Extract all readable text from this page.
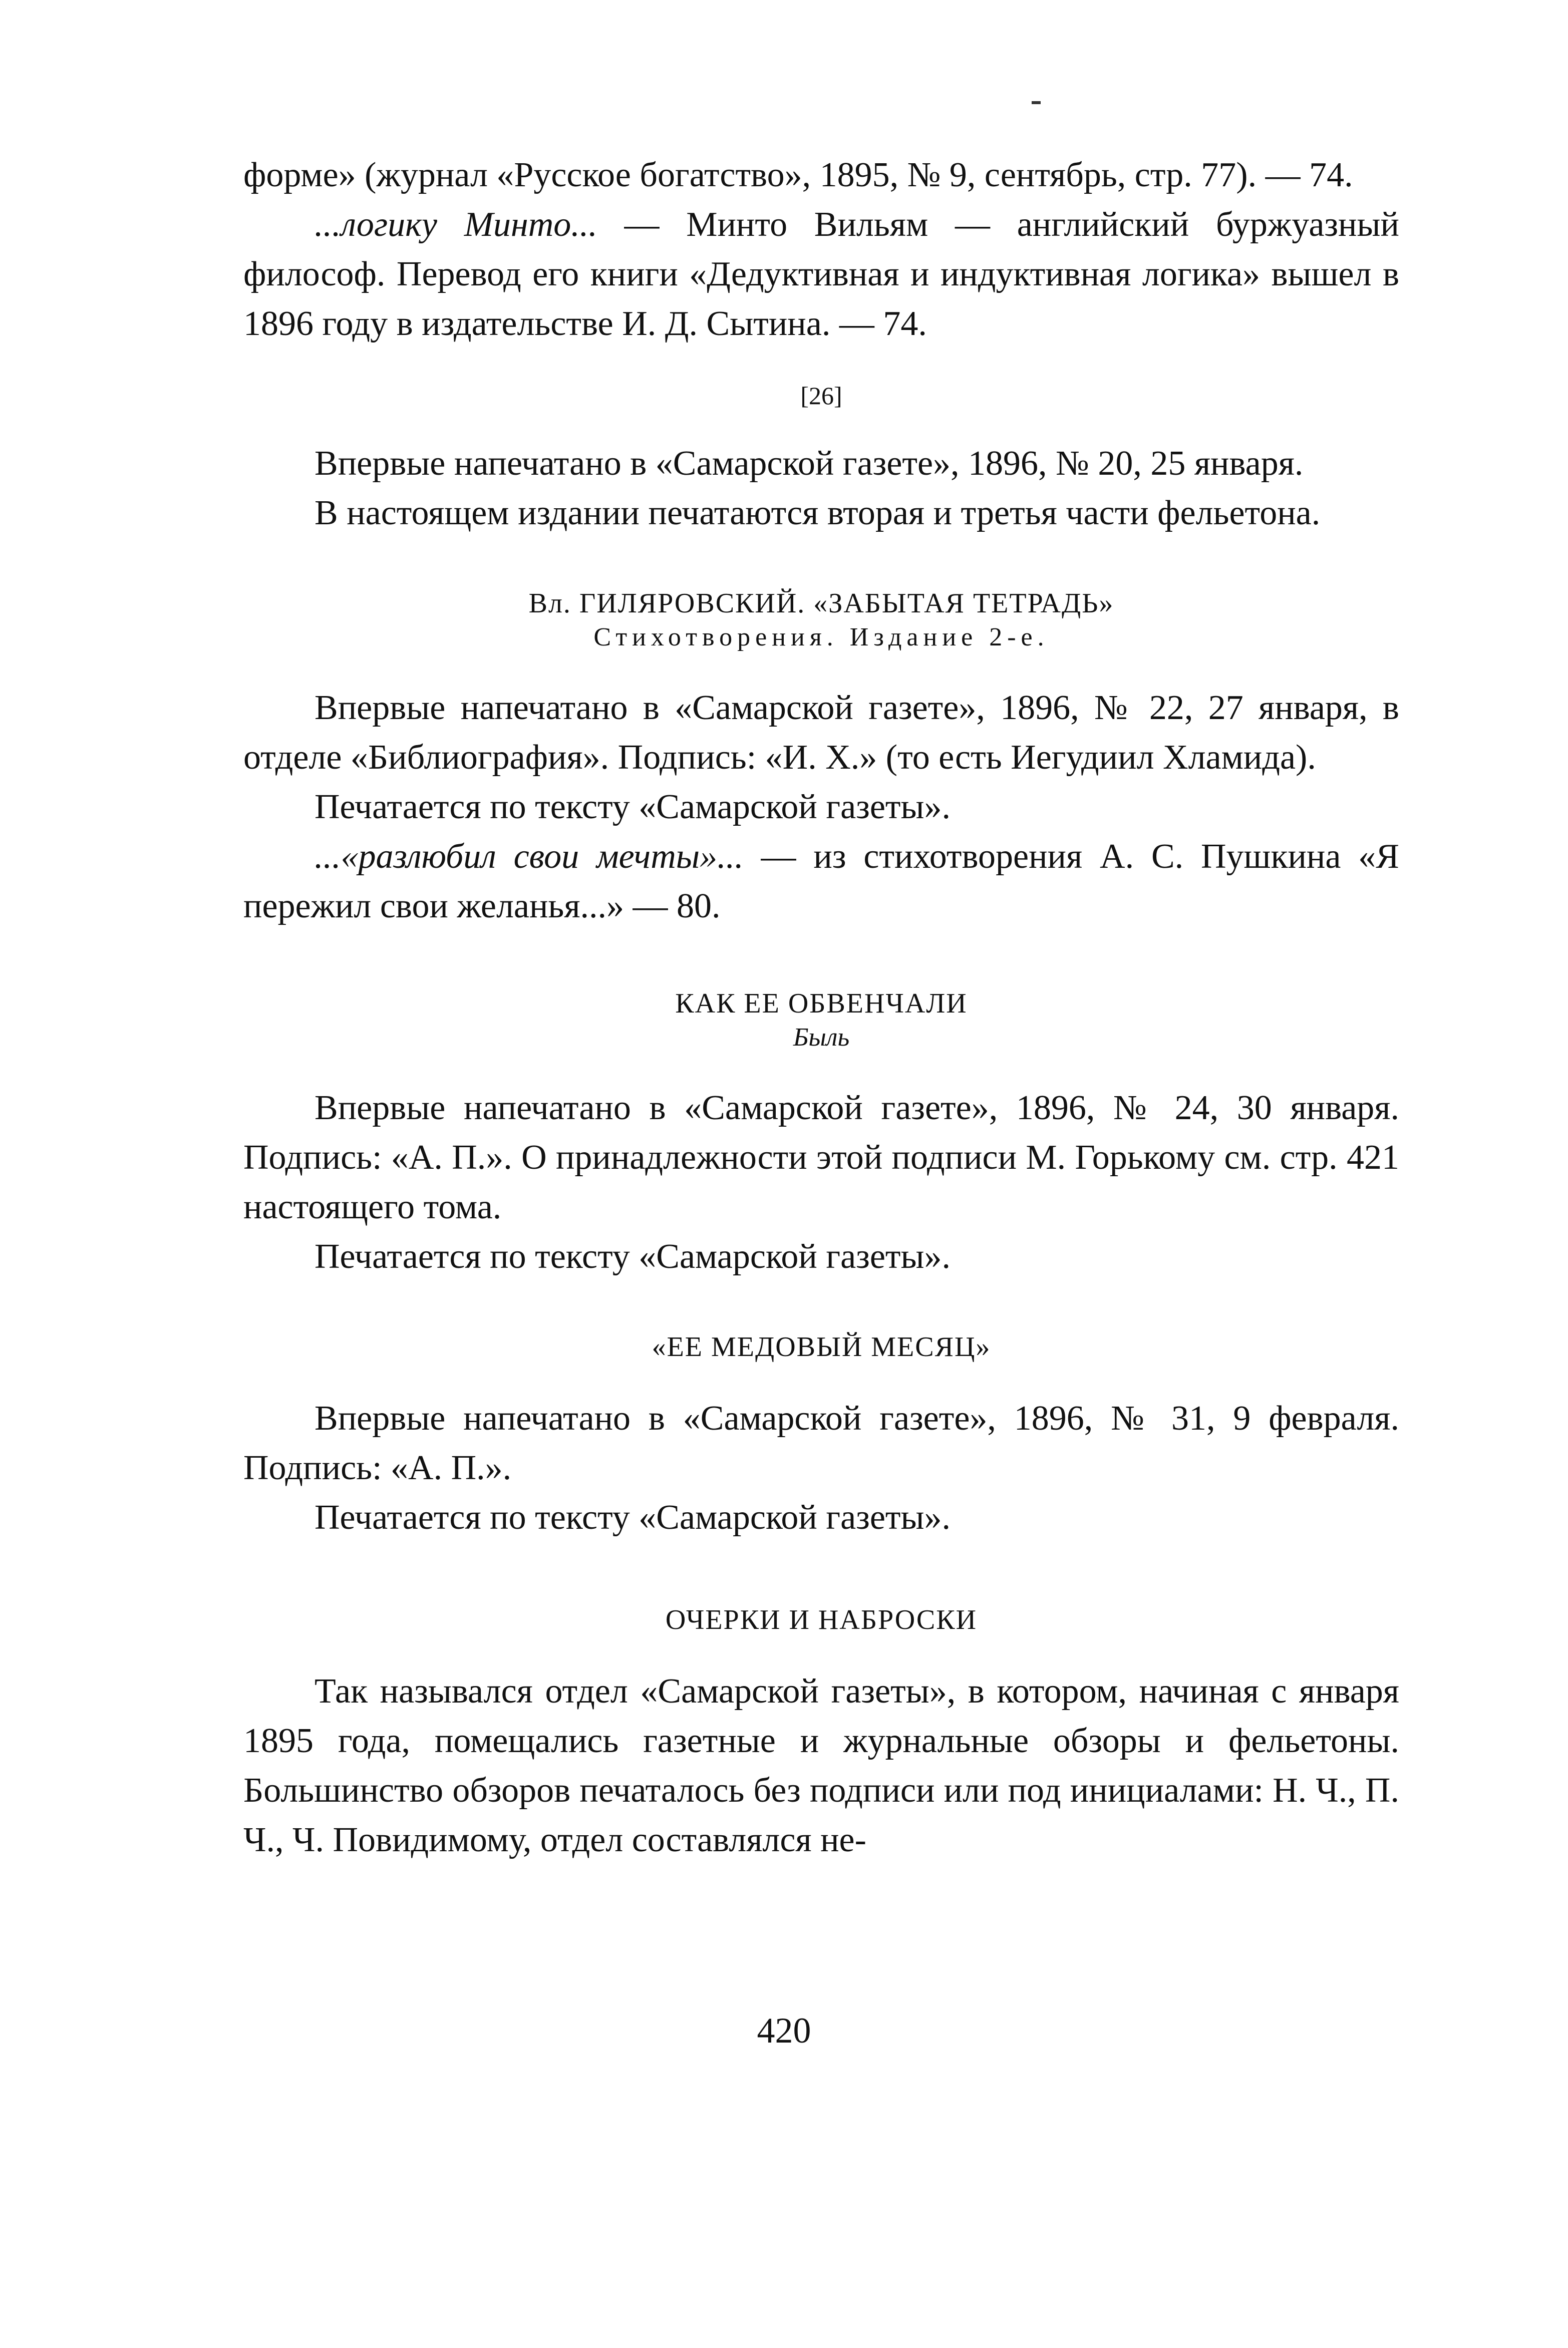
форме» (журнал «Русское богатство», 1895, № 9, сентябрь, стр. 77). — 74.

...логику Минто... — Минто Вильям — английский буржуазный философ. Перевод его книги «Дедуктивная и индуктивная логика» вышел в 1896 году в издательстве И. Д. Сытина. — 74.

[26]

Впервые напечатано в «Самарской газете», 1896, № 20, 25 января.

В настоящем издании печатаются вторая и третья части фельетона.

Вл. ГИЛЯРОВСКИЙ. «ЗАБЫТАЯ ТЕТРАДЬ»
Стихотворения. Издание 2-е.

Впервые напечатано в «Самарской газете», 1896, № 22, 27 января, в отделе «Библиография». Подпись: «И. Х.» (то есть Иегудиил Хламида).

Печатается по тексту «Самарской газеты».

...«разлюбил свои мечты»... — из стихотворения А. С. Пушкина «Я пережил свои желанья...» — 80.

КАК ЕЕ ОБВЕНЧАЛИ
Быль

Впервые напечатано в «Самарской газете», 1896, № 24, 30 января. Подпись: «А. П.». О принадлежности этой подписи М. Горькому см. стр. 421 настоящего тома.

Печатается по тексту «Самарской газеты».

«ЕЕ МЕДОВЫЙ МЕСЯЦ»

Впервые напечатано в «Самарской газете», 1896, № 31, 9 февраля. Подпись: «А. П.».

Печатается по тексту «Самарской газеты».

ОЧЕРКИ И НАБРОСКИ

Так назывался отдел «Самарской газеты», в котором, начиная с января 1895 года, помещались газетные и журнальные обзоры и фельетоны. Большинство обзоров печаталось без подписи или под инициалами: Н. Ч., П. Ч., Ч. Повидимому, отдел составлялся не-

420
